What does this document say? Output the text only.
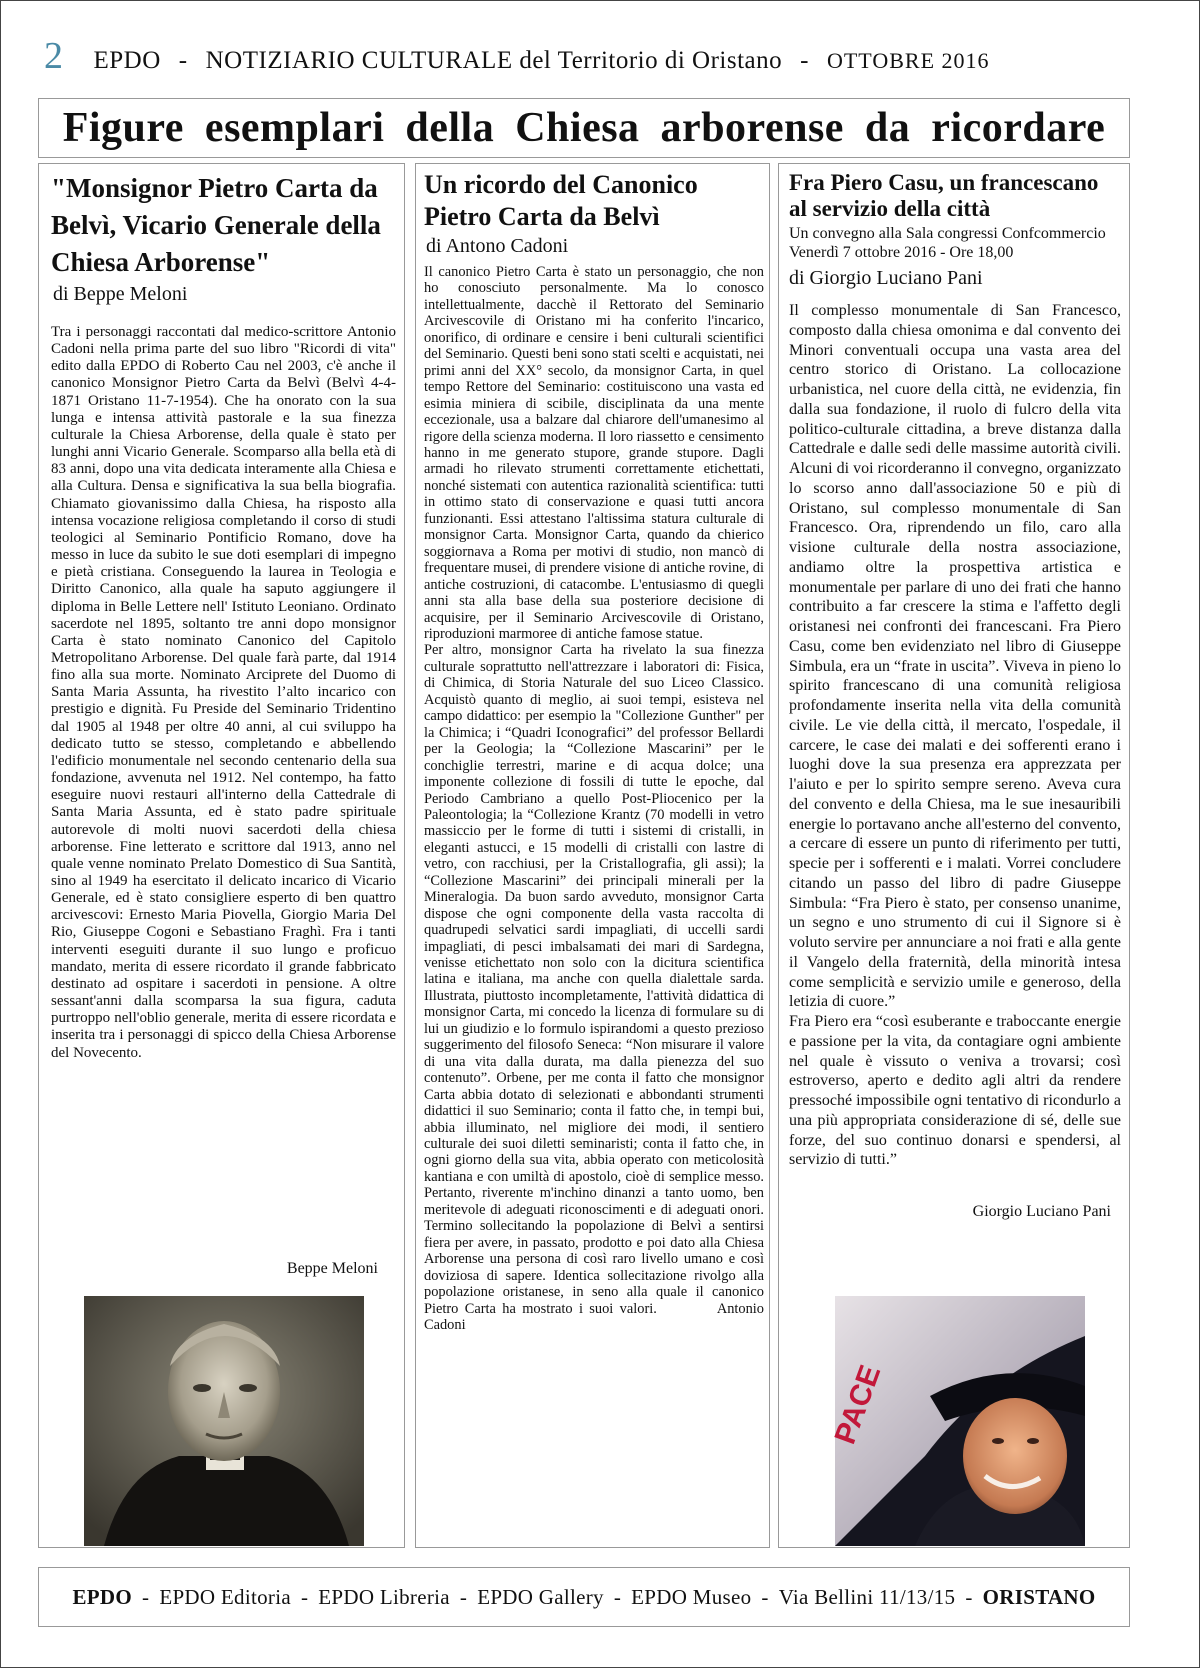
2 EPDO - NOTIZIARIO CULTURALE del Territorio di Oristano - OTTOBRE 2016
Figure esemplari della Chiesa arborense da ricordare
"Monsignor Pietro Carta da Belvì, Vicario Generale della Chiesa Arborense"
di Beppe Meloni

Tra i personaggi raccontati dal medico-scrittore Antonio Cadoni nella prima parte del suo libro "Ricordi di vita" edito dalla EPDO di Roberto Cau nel 2003, c'è anche il canonico Monsignor Pietro Carta da Belvì (Belvì 4-4-1871 Oristano 11-7-1954). Che ha onorato con la sua lunga e intensa attività pastorale e la sua finezza culturale la Chiesa Arborense, della quale è stato per lunghi anni Vicario Generale. Scomparso alla bella età di 83 anni, dopo una vita dedicata interamente alla Chiesa e alla Cultura. Densa e significativa la sua bella biografia. Chiamato giovanissimo dalla Chiesa, ha risposto alla intensa vocazione religiosa completando il corso di studi teologici al Seminario Pontificio Romano, dove ha messo in luce da subito le sue doti esemplari di impegno e pietà cristiana. Conseguendo la laurea in Teologia e Diritto Canonico, alla quale ha saputo aggiungere il diploma in Belle Lettere nell' Istituto Leoniano. Ordinato sacerdote nel 1895, soltanto tre anni dopo monsignor Carta è stato nominato Canonico del Capitolo Metropolitano Arborense. Del quale farà parte, dal 1914 fino alla sua morte. Nominato Arciprete del Duomo di Santa Maria Assunta, ha rivestito l’alto incarico con prestigio e dignità. Fu Preside del Seminario Tridentino dal 1905 al 1948 per oltre 40 anni, al cui sviluppo ha dedicato tutto se stesso, completando e abbellendo l'edificio monumentale nel secondo centenario della sua fondazione, avvenuta nel 1912. Nel contempo, ha fatto eseguire nuovi restauri all'interno della Cattedrale di Santa Maria Assunta, ed è stato padre spirituale autorevole di molti nuovi sacerdoti della chiesa arborense. Fine letterato e scrittore dal 1913, anno nel quale venne nominato Prelato Domestico di Sua Santità, sino al 1949 ha esercitato il delicato incarico di Vicario Generale, ed è stato consigliere esperto di ben quattro arcivescovi: Ernesto Maria Piovella, Giorgio Maria Del Rio, Giuseppe Cogoni e Sebastiano Fraghì. Fra i tanti interventi eseguiti durante il suo lungo e proficuo mandato, merita di essere ricordato il grande fabbricato destinato ad ospitare i sacerdoti in pensione. A oltre sessant'anni dalla scomparsa la sua figura, caduta purtroppo nell'oblio generale, merita di essere ricordata e inserita tra i personaggi di spicco della Chiesa Arborense del Novecento.

Beppe Meloni
Un ricordo del Canonico Pietro Carta da Belvì
di Antono Cadoni

Il canonico Pietro Carta è stato un personaggio, che non ho conosciuto personalmente. Ma lo conosco intellettualmente, dacchè il Rettorato del Seminario Arcivescovile di Oristano mi ha conferito l'incarico, onorifico, di ordinare e censire i beni culturali scientifici del Seminario. Questi beni sono stati scelti e acquistati, nei primi anni del XX° secolo, da monsignor Carta, in quel tempo Rettore del Seminario: costituiscono una vasta ed esimia miniera di scibile, disciplinata da una mente eccezionale, usa a balzare dal chiarore dell'umanesimo al rigore della scienza moderna. Il loro riassetto e censimento hanno in me generato stupore, grande stupore. Dagli armadi ho rilevato strumenti correttamente etichettati, nonché sistemati con autentica razionalità scientifica: tutti in ottimo stato di conservazione e quasi tutti ancora funzionanti. Essi attestano l'altissima statura culturale di monsignor Carta. Monsignor Carta, quando da chierico soggiornava a Roma per motivi di studio, non mancò di frequentare musei, di prendere visione di antiche rovine, di antiche costruzioni, di catacombe. L'entusiasmo di quegli anni sta alla base della sua posteriore decisione di acquisire, per il Seminario Arcivescovile di Oristano, riproduzioni marmoree di antiche famose statue.

Per altro, monsignor Carta ha rivelato la sua finezza culturale soprattutto nell'attrezzare i laboratori di: Fisica, di Chimica, di Storia Naturale del suo Liceo Classico. Acquistò quanto di meglio, ai suoi tempi, esisteva nel campo didattico: per esempio la "Collezione Gunther" per la Chimica; i “Quadri Iconografici” del professor Bellardi per la Geologia; la “Collezione Mascarini” per le conchiglie terrestri, marine e di acqua dolce; una imponente collezione di fossili di tutte le epoche, dal Periodo Cambriano a quello Post-Pliocenico per la Paleontologia; la “Collezione Krantz (70 modelli in vetro massiccio per le forme di tutti i sistemi di cristalli, in eleganti astucci, e 15 modelli di cristalli con lastre di vetro, con racchiusi, per la Cristallografia, gli assi); la “Collezione Mascarini” dei principali minerali per la Mineralogia. Da buon sardo avveduto, monsignor Carta dispose che ogni componente della vasta raccolta di quadrupedi selvatici sardi impagliati, di uccelli sardi impagliati, di pesci imbalsamati dei mari di Sardegna, venisse etichettato non solo con la dicitura scientifica latina e italiana, ma anche con quella dialettale sarda. Illustrata, piuttosto incompletamente, l'attività didattica di monsignor Carta, mi concedo la licenza di formulare su di lui un giudizio e lo formulo ispirandomi a questo prezioso suggerimento del filosofo Seneca: “Non misurare il valore di una vita dalla durata, ma dalla pienezza del suo contenuto”. Orbene, per me conta il fatto che monsignor Carta abbia dotato di selezionati e abbondanti strumenti didattici il suo Seminario; conta il fatto che, in tempi bui, abbia illuminato, nel migliore dei modi, il sentiero culturale dei suoi diletti seminaristi; conta il fatto che, in ogni giorno della sua vita, abbia operato con meticolosità kantiana e con umiltà di apostolo, cioè di semplice messo. Pertanto, riverente m'inchino dinanzi a tanto uomo, ben meritevole di adeguati riconoscimenti e di adeguati onori. Termino sollecitando la popolazione di Belvì a sentirsi fiera per avere, in passato, prodotto e poi dato alla Chiesa Arborense una persona di così raro livello umano e così doviziosa di sapere. Identica sollecitazione rivolgo alla popolazione oristanese, in seno alla quale il canonico Pietro Carta ha mostrato i suoi valori.	Antonio Cadoni

Fra Piero Casu, un francescano al servizio della città
Un convegno alla Sala congressi Confcommercio
Venerdì 7 ottobre 2016 - Ore 18,00
di Giorgio Luciano Pani

Il complesso monumentale di San Francesco, composto dalla chiesa omonima e dal convento dei Minori conventuali occupa una vasta area del centro storico di Oristano. La collocazione urbanistica, nel cuore della città, ne evidenzia, fin dalla sua fondazione, il ruolo di fulcro della vita politico-culturale cittadina, a breve distanza dalla Cattedrale e dalle sedi delle massime autorità civili. Alcuni di voi ricorderanno il convegno, organizzato lo scorso anno dall'associazione 50 e più di Oristano, sul complesso monumentale di San Francesco. Ora, riprendendo un filo, caro alla visione culturale della nostra associazione, andiamo oltre la prospettiva artistica e monumentale per parlare di uno dei frati che hanno contribuito a far crescere la stima e l'affetto degli oristanesi nei confronti dei francescani. Fra Piero Casu, come ben evidenziato nel libro di Giuseppe Simbula, era un “frate in uscita”. Viveva in pieno lo spirito francescano di una comunità religiosa profondamente inserita nella vita della comunità civile. Le vie della città, il mercato, l'ospedale, il carcere, le case dei malati e dei sofferenti erano i luoghi dove la sua presenza era apprezzata per l'aiuto e per lo spirito sempre sereno. Aveva cura del convento e della Chiesa, ma le sue inesauribili energie lo portavano anche all'esterno del convento, a cercare di essere un punto di riferimento per tutti, specie per i sofferenti e i malati. Vorrei concludere citando un passo del libro di padre Giuseppe Simbula: “Fra Piero è stato, per consenso unanime, un segno e uno strumento di cui il Signore si è voluto servire per annunciare a noi frati e alla gente il Vangelo della fraternità, della minorità intesa come semplicità e servizio umile e generoso, della letizia di cuore.”

Fra Piero era “così esuberante e traboccante energie e passione per la vita, da contagiare ogni ambiente nel quale è vissuto o veniva a trovarsi; così estroverso, aperto e dedito agli altri da rendere pressoché impossibile ogni tentativo di ricondurlo a una più appropriata considerazione di sé, delle sue forze, del suo continuo donarsi e spendersi, al servizio di tutti.”

Giorgio Luciano Pani
PACE
EPDO - EPDO Editoria - EPDO Libreria - EPDO Gallery - EPDO Museo - Via Bellini 11/13/15 - ORISTANO
